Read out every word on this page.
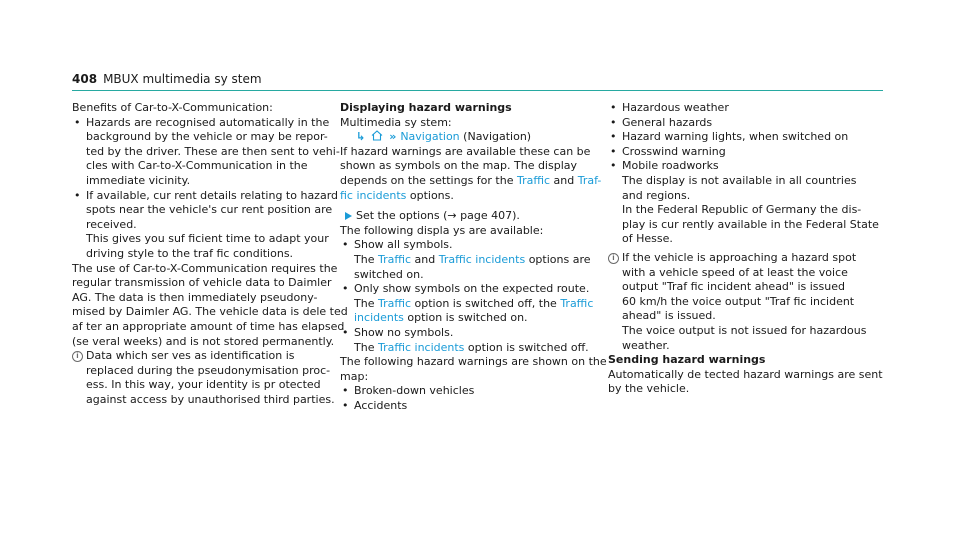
408 MBUX multimedia sy stem

Benefits of Car-to-X-Communication:

• Hazards are recognised automatically in the

background by the vehicle or may be repor-

ted by the driver. These are then sent to vehi-

cles with Car-to-X-Communication in the

immediate vicinity.

• If available, cur rent details relating to hazard

spots near the vehicle's cur rent position are

received.

This gives you suf ficient time to adapt your

driving style to the traf fic conditions.

The use of Car-to-X-Communication requires the

regular transmission of vehicle data to Daimler

AG. The data is then immediately pseudony-

mised by Daimler AG. The vehicle data is dele ted

af ter an appropriate amount of time has elapsed

(se veral weeks) and is not stored permanently.

i Data which ser ves as identification is

replaced during the pseudonymisation proc-

ess. In this way, your identity is pr otected

against access by unauthorised third parties.

Displaying hazard warnings

Multimedia sy stem:

↳ » Navigation (Navigation)

If hazard warnings are available these can be

shown as symbols on the map. The display

depends on the settings for the Traffic and Traf-

fic incidents options.

Set the options (→ page 407).

The following displa ys are available:

• Show all symbols.

The Traffic and Traffic incidents options are

switched on.

• Only show symbols on the expected route.

The Traffic option is switched off, the Traffic

incidents option is switched on.

• Show no symbols.

The Traffic incidents option is switched off.

The following hazard warnings are shown on the

map:

• Broken-down vehicles

• Accidents

• Hazardous weather

• General hazards

• Hazard warning lights, when switched on

• Crosswind warning

• Mobile roadworks

The display is not available in all countries

and regions.

In the Federal Republic of Germany the dis-

play is cur rently available in the Federal State

of Hesse.

i If the vehicle is approaching a hazard spot

with a vehicle speed of at least the voice

output "Traf fic incident ahead" is issued

60 km/h the voice output "Traf fic incident

ahead" is issued.

The voice output is not issued for hazardous

weather.

Sending hazard warnings

Automatically de tected hazard warnings are sent

by the vehicle.
